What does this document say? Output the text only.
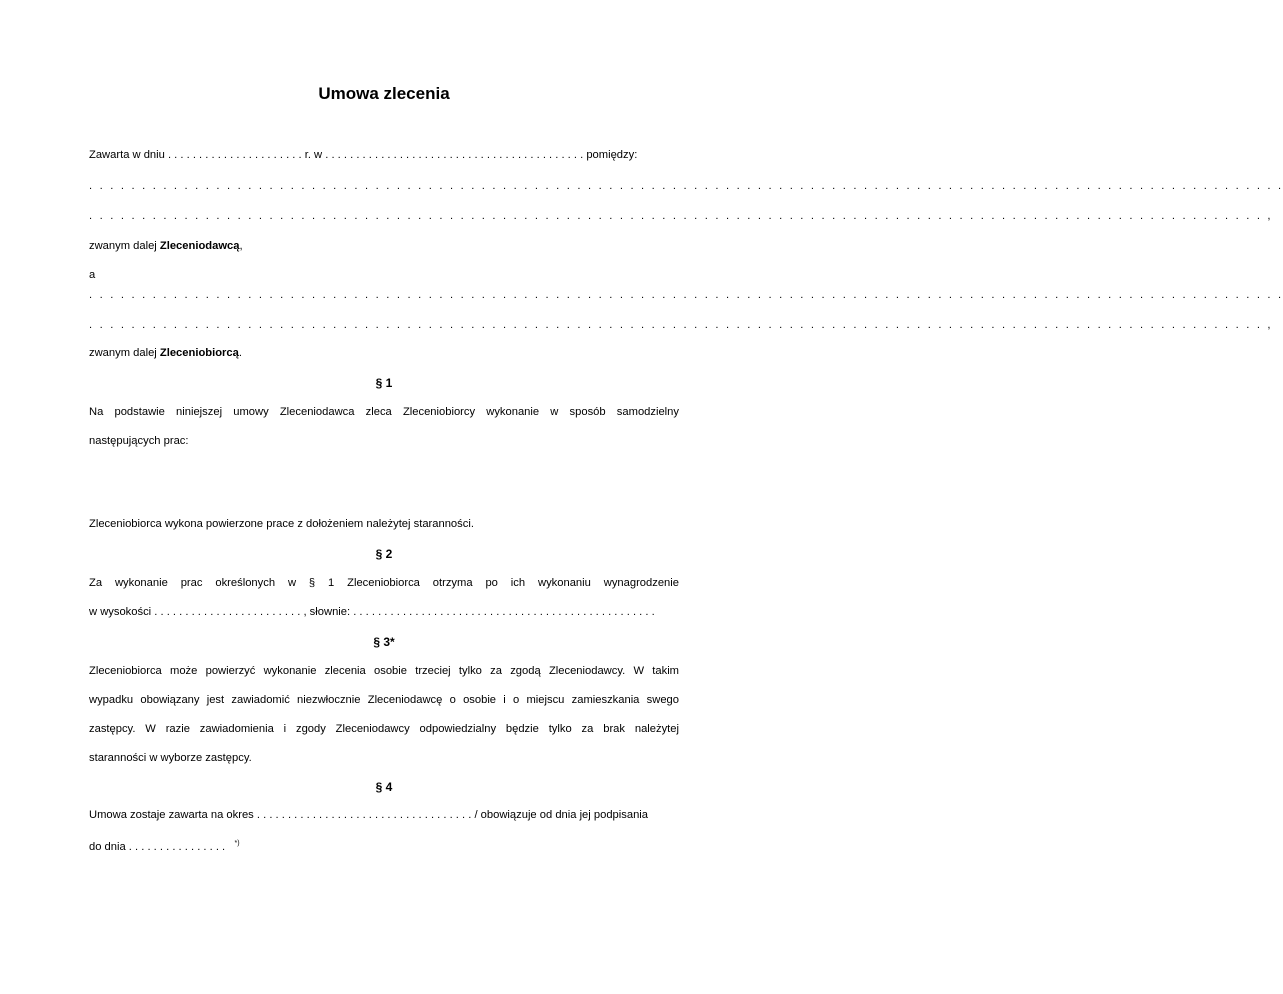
Umowa zlecenia
Zawarta w dniu . . . . . . . . . . . . . . . . . . . . . . r. w . . . . . . . . . . . . . . . . . . . . . . . . . . . . . . . . . . . . . . . . . . pomiędzy:
. . . . . . . . . . . . . . . . . . . . . . . . . . . . . . . . . . . . . . . . . . . . . . . . . . . . . . . . . . . . . . . . . . . . . . . . . . . . . . . . . . . . . . . . . . . . . . . . . . . . . . . . . . . . . . . . .
. . . . . . . . . . . . . . . . . . . . . . . . . . . . . . . . . . . . . . . . . . . . . . . . . . . . . . . . . . . . . . . . . . . . . . . . . . . . . . . . . . . . . . . . . . . . . . . . . . . . . . . . . . . . . . . ,
zwanym dalej Zleceniodawcą,
a
. . . . . . . . . . . . . . . . . . . . . . . . . . . . . . . . . . . . . . . . . . . . . . . . . . . . . . . . . . . . . . . . . . . . . . . . . . . . . . . . . . . . . . . . . . . . . . . . . . . . . . . . . . . . . . . . .
. . . . . . . . . . . . . . . . . . . . . . . . . . . . . . . . . . . . . . . . . . . . . . . . . . . . . . . . . . . . . . . . . . . . . . . . . . . . . . . . . . . . . . . . . . . . . . . . . . . . . . . . . . . . . . . ,
zwanym dalej Zleceniobiorcą.
§ 1
Na podstawie niniejszej umowy Zleceniodawca zleca Zleceniobiorcy wykonanie w sposób samodzielny
następujących prac:
Zleceniobiorca wykona powierzone prace z dołożeniem należytej staranności.
§ 2
Za wykonanie prac określonych w § 1 Zleceniobiorca otrzyma po ich wykonaniu wynagrodzenie
w wysokości . . . . . . . . . . . . . . . . . . . . . . . . , słownie: . . . . . . . . . . . . . . . . . . . . . . . . . . . . . . . . . . . . . . . . . . . . . . . . .
§ 3*
Zleceniobiorca może powierzyć wykonanie zlecenia osobie trzeciej tylko za zgodą Zleceniodawcy. W takim
wypadku obowiązany jest zawiadomić niezwłocznie Zleceniodawcę o osobie i o miejscu zamieszkania swego
zastępcy. W razie zawiadomienia i zgody Zleceniodawcy odpowiedzialny będzie tylko za brak należytej
staranności w wyborze zastępcy.
§ 4
Umowa zostaje zawarta na okres . . . . . . . . . . . . . . . . . . . . . . . . . . . . . . . . . . . / obowiązuje od dnia jej podpisania
do dnia . . . . . . . . . . . . . . . . *)
